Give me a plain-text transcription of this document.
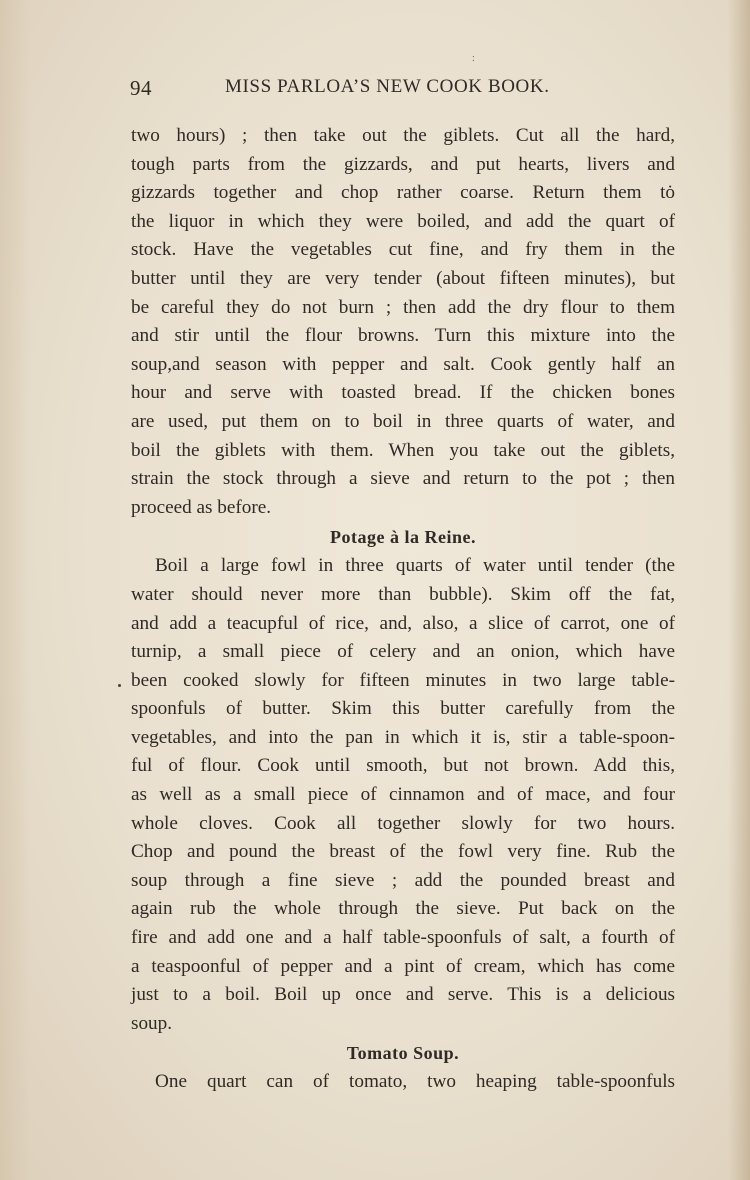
:
94	MISS PARLOA’S NEW COOK BOOK.
two hours) ; then take out the giblets. Cut all the hard,
tough parts from the gizzards, and put hearts, livers and
gizzards together and chop rather coarse. Return them tȯ
the liquor in which they were boiled, and add the quart of
stock. Have the vegetables cut fine, and fry them in the
butter until they are very tender (about fifteen minutes), but
be careful they do not burn ; then add the dry flour to them
and stir until the flour browns. Turn this mixture into the
soup,and season with pepper and salt. Cook gently half an
hour and serve with toasted bread. If the chicken bones
are used, put them on to boil in three quarts of water, and
boil the giblets with them. When you take out the giblets,
strain the stock through a sieve and return to the pot ; then
proceed as before.
Potage à la Reine.
Boil a large fowl in three quarts of water until tender (the
water should never more than bubble). Skim off the fat,
and add a teacupful of rice, and, also, a slice of carrot, one of
turnip, a small piece of celery and an onion, which have
been cooked slowly for fifteen minutes in two large table-
spoonfuls of butter. Skim this butter carefully from the
vegetables, and into the pan in which it is, stir a table-spoon-
ful of flour. Cook until smooth, but not brown. Add this,
as well as a small piece of cinnamon and of mace, and four
whole cloves. Cook all together slowly for two hours.
Chop and pound the breast of the fowl very fine. Rub the
soup through a fine sieve ; add the pounded breast and
again rub the whole through the sieve. Put back on the
fire and add one and a half table-spoonfuls of salt, a fourth of
a teaspoonful of pepper and a pint of cream, which has come
just to a boil. Boil up once and serve. This is a delicious
soup.
Tomato Soup.
One quart can of tomato, two heaping table-spoonfuls
